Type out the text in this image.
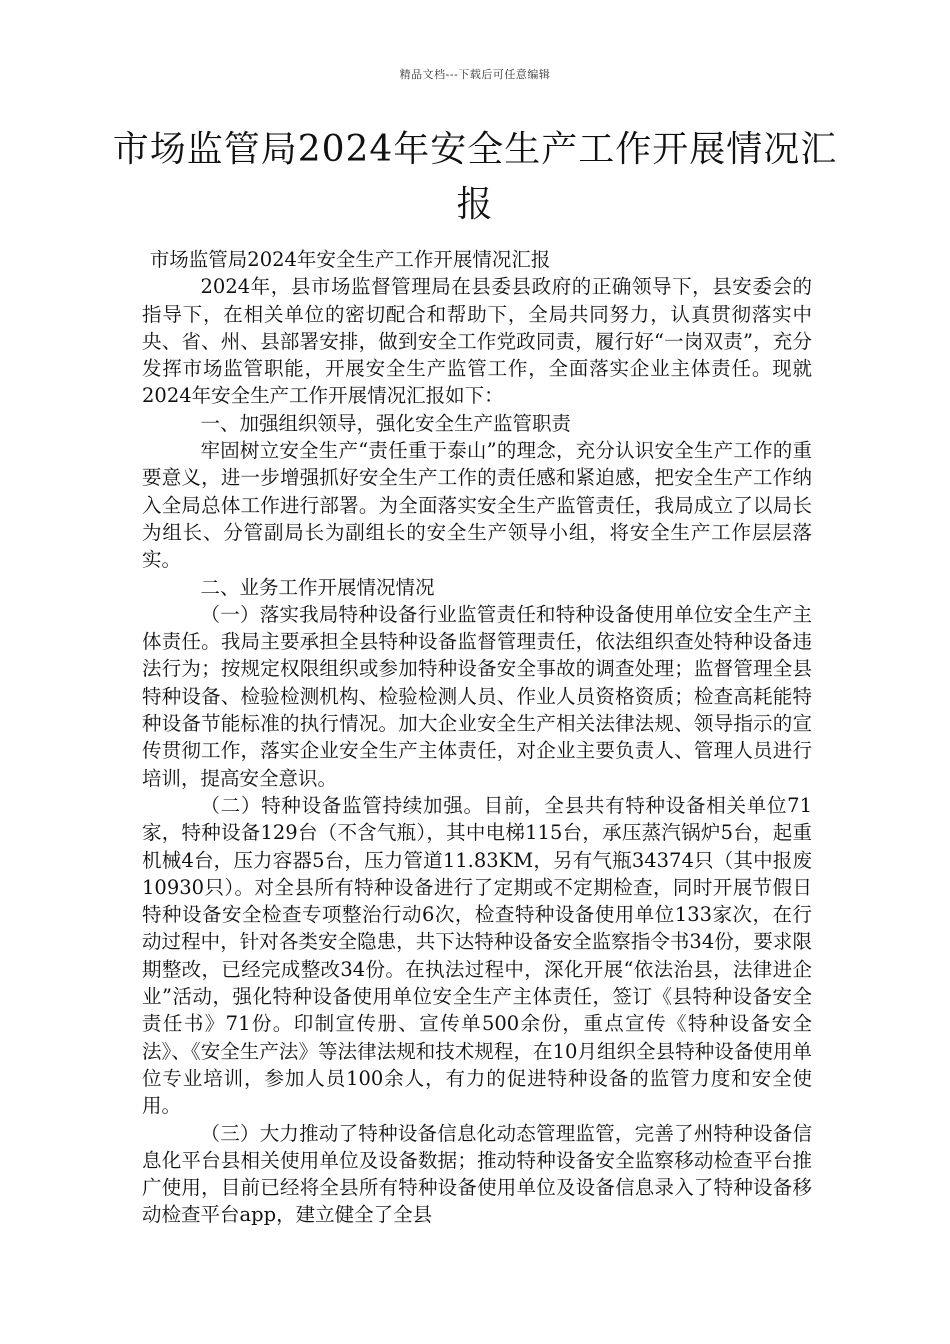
精品文档---下载后可任意编辑
市场监管局2024年安全生产工作开展情况汇报

市场监管局2024年安全生产工作开展情况汇报

2024年，县市场监督管理局在县委县政府的正确领导下，县安委会的指导下，在相关单位的密切配合和帮助下，全局共同努力，认真贯彻落实中央、省、州、县部署安排，做到安全工作党政同责，履行好“一岗双责”，充分发挥市场监管职能，开展安全生产监管工作，全面落实企业主体责任。现就2024年安全生产工作开展情况汇报如下：

一、加强组织领导，强化安全生产监管职责

牢固树立安全生产“责任重于泰山”的理念，充分认识安全生产工作的重要意义，进一步增强抓好安全生产工作的责任感和紧迫感，把安全生产工作纳入全局总体工作进行部署。为全面落实安全生产监管责任，我局成立了以局长为组长、分管副局长为副组长的安全生产领导小组，将安全生产工作层层落实。

二、业务工作开展情况情况

（一）落实我局特种设备行业监管责任和特种设备使用单位安全生产主体责任。我局主要承担全县特种设备监督管理责任，依法组织查处特种设备违法行为；按规定权限组织或参加特种设备安全事故的调查处理；监督管理全县特种设备、检验检测机构、检验检测人员、作业人员资格资质；检查高耗能特种设备节能标准的执行情况。加大企业安全生产相关法律法规、领导指示的宣传贯彻工作，落实企业安全生产主体责任，对企业主要负责人、管理人员进行培训，提高安全意识。

（二）特种设备监管持续加强。目前，全县共有特种设备相关单位71家，特种设备129台（不含气瓶），其中电梯115台，承压蒸汽锅炉5台，起重机械4台，压力容器5台，压力管道11.83KM，另有气瓶34374只（其中报废10930只）。对全县所有特种设备进行了定期或不定期检查，同时开展节假日特种设备安全检查专项整治行动6次，检查特种设备使用单位133家次，在行动过程中，针对各类安全隐患，共下达特种设备安全监察指令书34份，要求限期整改，已经完成整改34份。在执法过程中，深化开展“依法治县，法律进企业”活动，强化特种设备使用单位安全生产主体责任，签订《县特种设备安全责任书》71份。印制宣传册、宣传单500余份，重点宣传《特种设备安全法》、《安全生产法》等法律法规和技术规程，在10月组织全县特种设备使用单位专业培训，参加人员100余人，有力的促进特种设备的监管力度和安全使用。

（三）大力推动了特种设备信息化动态管理监管，完善了州特种设备信息化平台县相关使用单位及设备数据；推动特种设备安全监察移动检查平台推广使用，目前已经将全县所有特种设备使用单位及设备信息录入了特种设备移动检查平台app，建立健全了全县
